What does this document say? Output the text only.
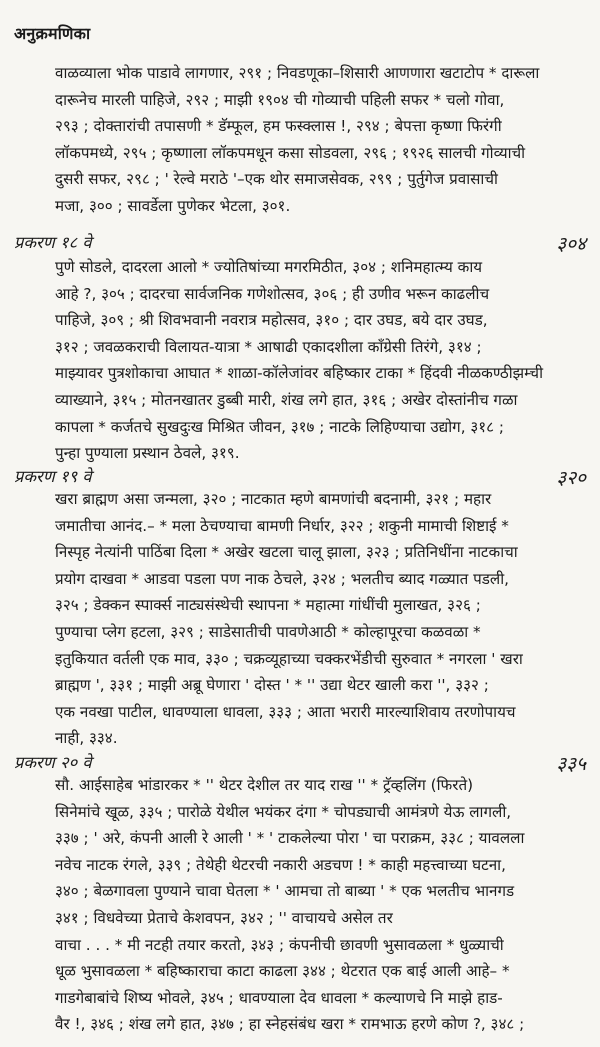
अनुक्रमणिका
वाळव्याला भोक पाडावे लागणार, २९१ ; निवडणूका–शिसारी आणणारा खटाटोप * दारूला
दारूनेच मारली पाहिजे, २९२ ; माझी १९०४ ची गोव्याची पहिली सफर * चलो गोवा,
२९३ ; दोक्तारांची तपासणी * डॅम्फूल, हम फस्क्लास !, २९४ ; बेपत्ता कृष्णा फिरंगी
लॉकपमध्ये, २९५ ; कृष्णाला लॉकपमधून कसा सोडवला, २९६ ; १९२६ सालची गोव्याची
दुसरी सफर, २९८ ; ' रेल्वे मराठे '–एक थोर समाजसेवक, २९९ ; पुर्तुगेज प्रवासाची
मजा, ३०० ; सावर्डेला पुणेकर भेटला, ३०१.
प्रकरण १८ वे	३०४
पुणे सोडले, दादरला आलो * ज्योतिषांच्या मगरमिठीत, ३०४ ; शनिमहात्म्य काय
आहे ?, ३०५ ; दादरचा सार्वजनिक गणेशोत्सव, ३०६ ; ही उणीव भरून काढलीच
पाहिजे, ३०९ ; श्री शिवभवानी नवरात्र महोत्सव, ३१० ; दार उघड, बये दार उघड,
३१२ ; जवळकराची विलायत-यात्रा * आषाढी एकादशीला कॉंग्रेसी तिरंगे, ३१४ ;
माझ्यावर पुत्रशोकाचा आघात * शाळा-कॉलेजांवर बहिष्कार टाका * हिंदवी नीळकण्ठीझम्ची
व्याख्याने, ३१५ ; मोतनखातर डुब्बी मारी, शंख लगे हात, ३१६ ; अखेर दोस्तांनीच गळा
कापला * कर्जतचे सुखदुःख मिश्रित जीवन, ३१७ ; नाटके लिहिण्याचा उद्योग, ३१८ ;
पुन्हा पुण्याला प्रस्थान ठेवले, ३१९.
प्रकरण १९ वे	३२०
खरा ब्राह्मण असा जन्मला, ३२० ; नाटकात म्हणे बामणांची बदनामी, ३२१ ; महार
जमातीचा आनंद.– * मला ठेचण्याचा बामणी निर्धार, ३२२ ; शकुनी मामाची शिष्टाई *
निस्पृह नेत्यांनी पाठिंबा दिला * अखेर खटला चालू झाला, ३२३ ; प्रतिनिधींना नाटकाचा
प्रयोग दाखवा * आडवा पडला पण नाक ठेचले, ३२४ ; भलतीच ब्याद गळ्यात पडली,
३२५ ; डेक्कन स्पार्क्स नाट्यसंस्थेची स्थापना * महात्मा गांधींची मुलाखत, ३२६ ;
पुण्याचा प्लेग हटला, ३२९ ; साडेसातीची पावणेआठी * कोल्हापूरचा कळवळा *
इतुकियात वर्तली एक माव, ३३० ; चक्रव्यूहाच्या चक्करभेंडीची सुरुवात * नगरला ' खरा
ब्राह्मण ', ३३१ ; माझी अब्रू घेणारा ' दोस्त ' * '' उद्या थेटर खाली करा '', ३३२ ;
एक नवखा पाटील, धावण्याला धावला, ३३३ ; आता भरारी मारल्याशिवाय तरणोपायच
नाही, ३३४.
प्रकरण २० वे	३३५
सौ. आईसाहेब भांडारकर * '' थेटर देशील तर याद राख '' * ट्रॅव्हलिंग (फिरते)
सिनेमांचे खूळ, ३३५ ; पारोळे येथील भयंकर दंगा * चोपड्याची आमंत्रणे येऊ लागली,
३३७ ; ' अरे, कंपनी आली रे आली ' * ' टाकलेल्या पोरा ' चा पराक्रम, ३३८ ; यावलला
नवेच नाटक रंगले, ३३९ ; तेथेही थेटरची नकारी अडचण ! * काही महत्त्वाच्या घटना,
३४० ; बेळगावला पुण्याने चावा घेतला * ' आमचा तो बाब्या ' * एक भलतीच भानगड
३४१ ; विधवेच्या प्रेताचे केशवपन, ३४२ ; '' वाचायचे असेल तर
वाचा . . . * मी नटही तयार करतो, ३४३ ; कंपनीची छावणी भुसावळला * धुळ्याची
धूळ भुसावळला * बहिष्काराचा काटा काढला ३४४ ; थेटरात एक बाई आली आहे– *
गाडगेबाबांचे शिष्य भोवले, ३४५ ; धावण्याला देव धावला * कल्याणचे नि माझे हाड-
वैर !, ३४६ ; शंख लगे हात, ३४७ ; हा स्नेहसंबंध खरा * रामभाऊ हरणे कोण ?, ३४८ ;
